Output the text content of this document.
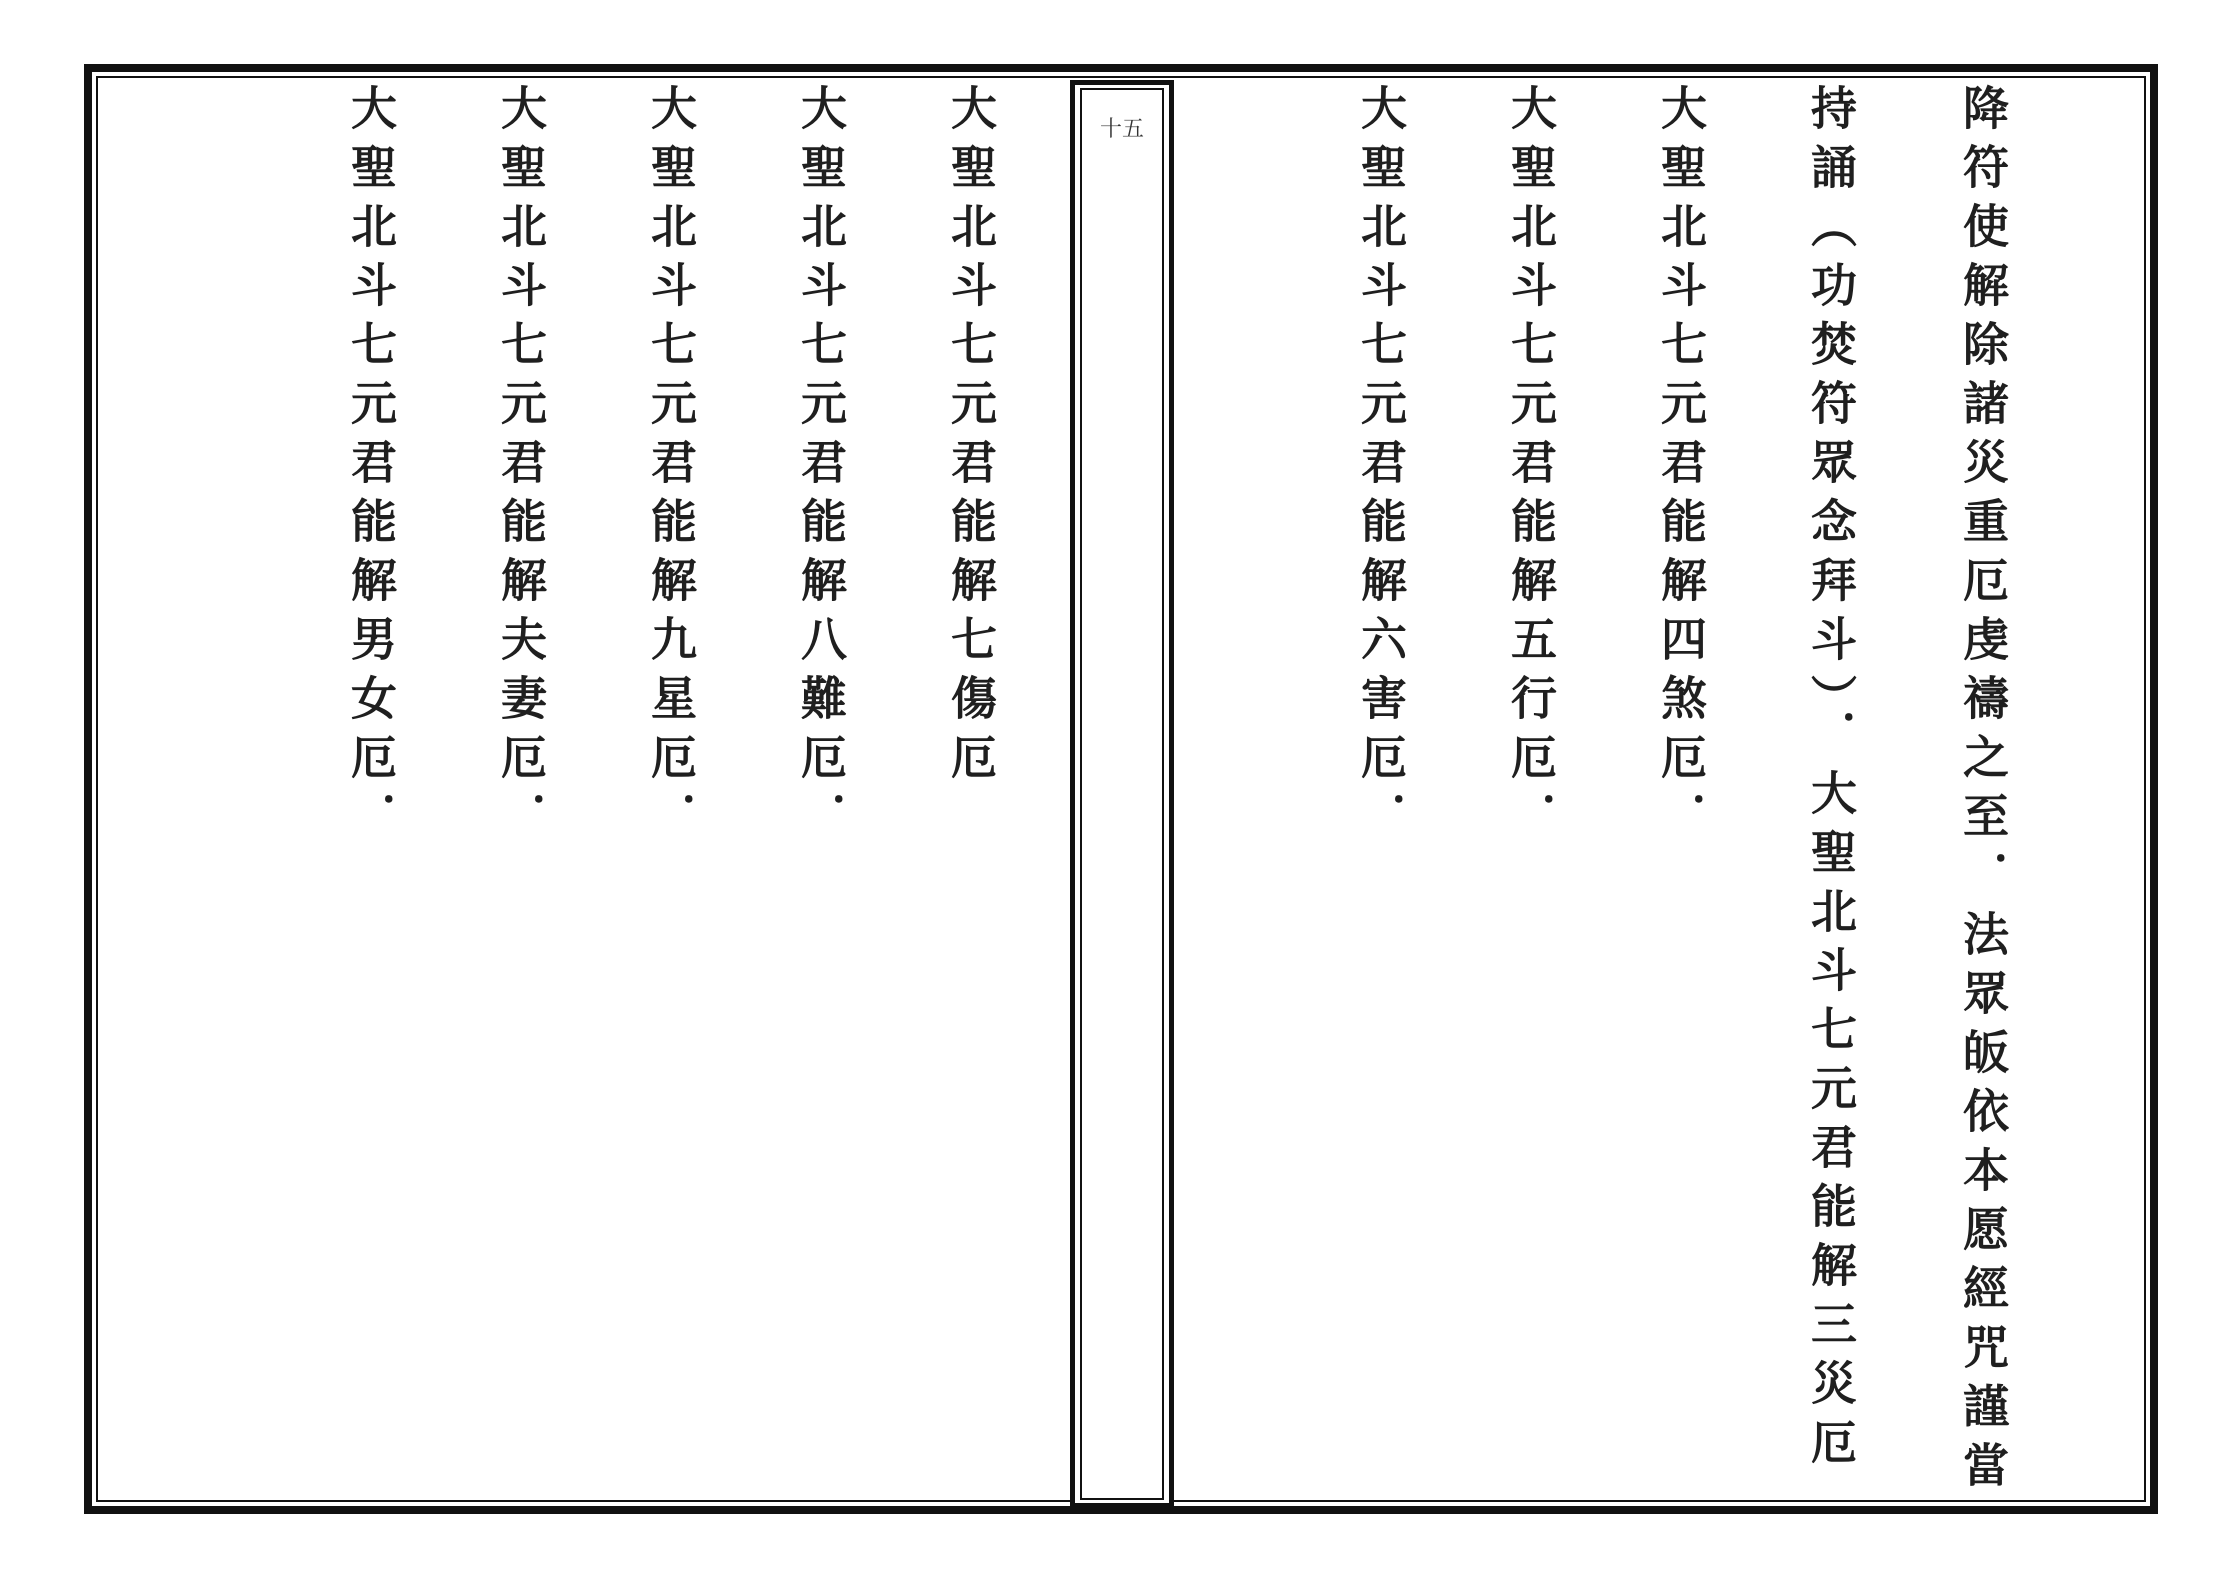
十五	降符使解除諸災重厄虔禱之至．法眾皈依本愿經咒謹當
持誦（功焚符眾念拜斗）．大聖北斗七元君能解三災厄
大聖北斗七元君能解四煞厄．
大聖北斗七元君能解五行厄．
大聖北斗七元君能解六害厄．
大聖北斗七元君能解七傷厄
大聖北斗七元君能解八難厄．
大聖北斗七元君能解九星厄．
大聖北斗七元君能解夫妻厄．
大聖北斗七元君能解男女厄．
